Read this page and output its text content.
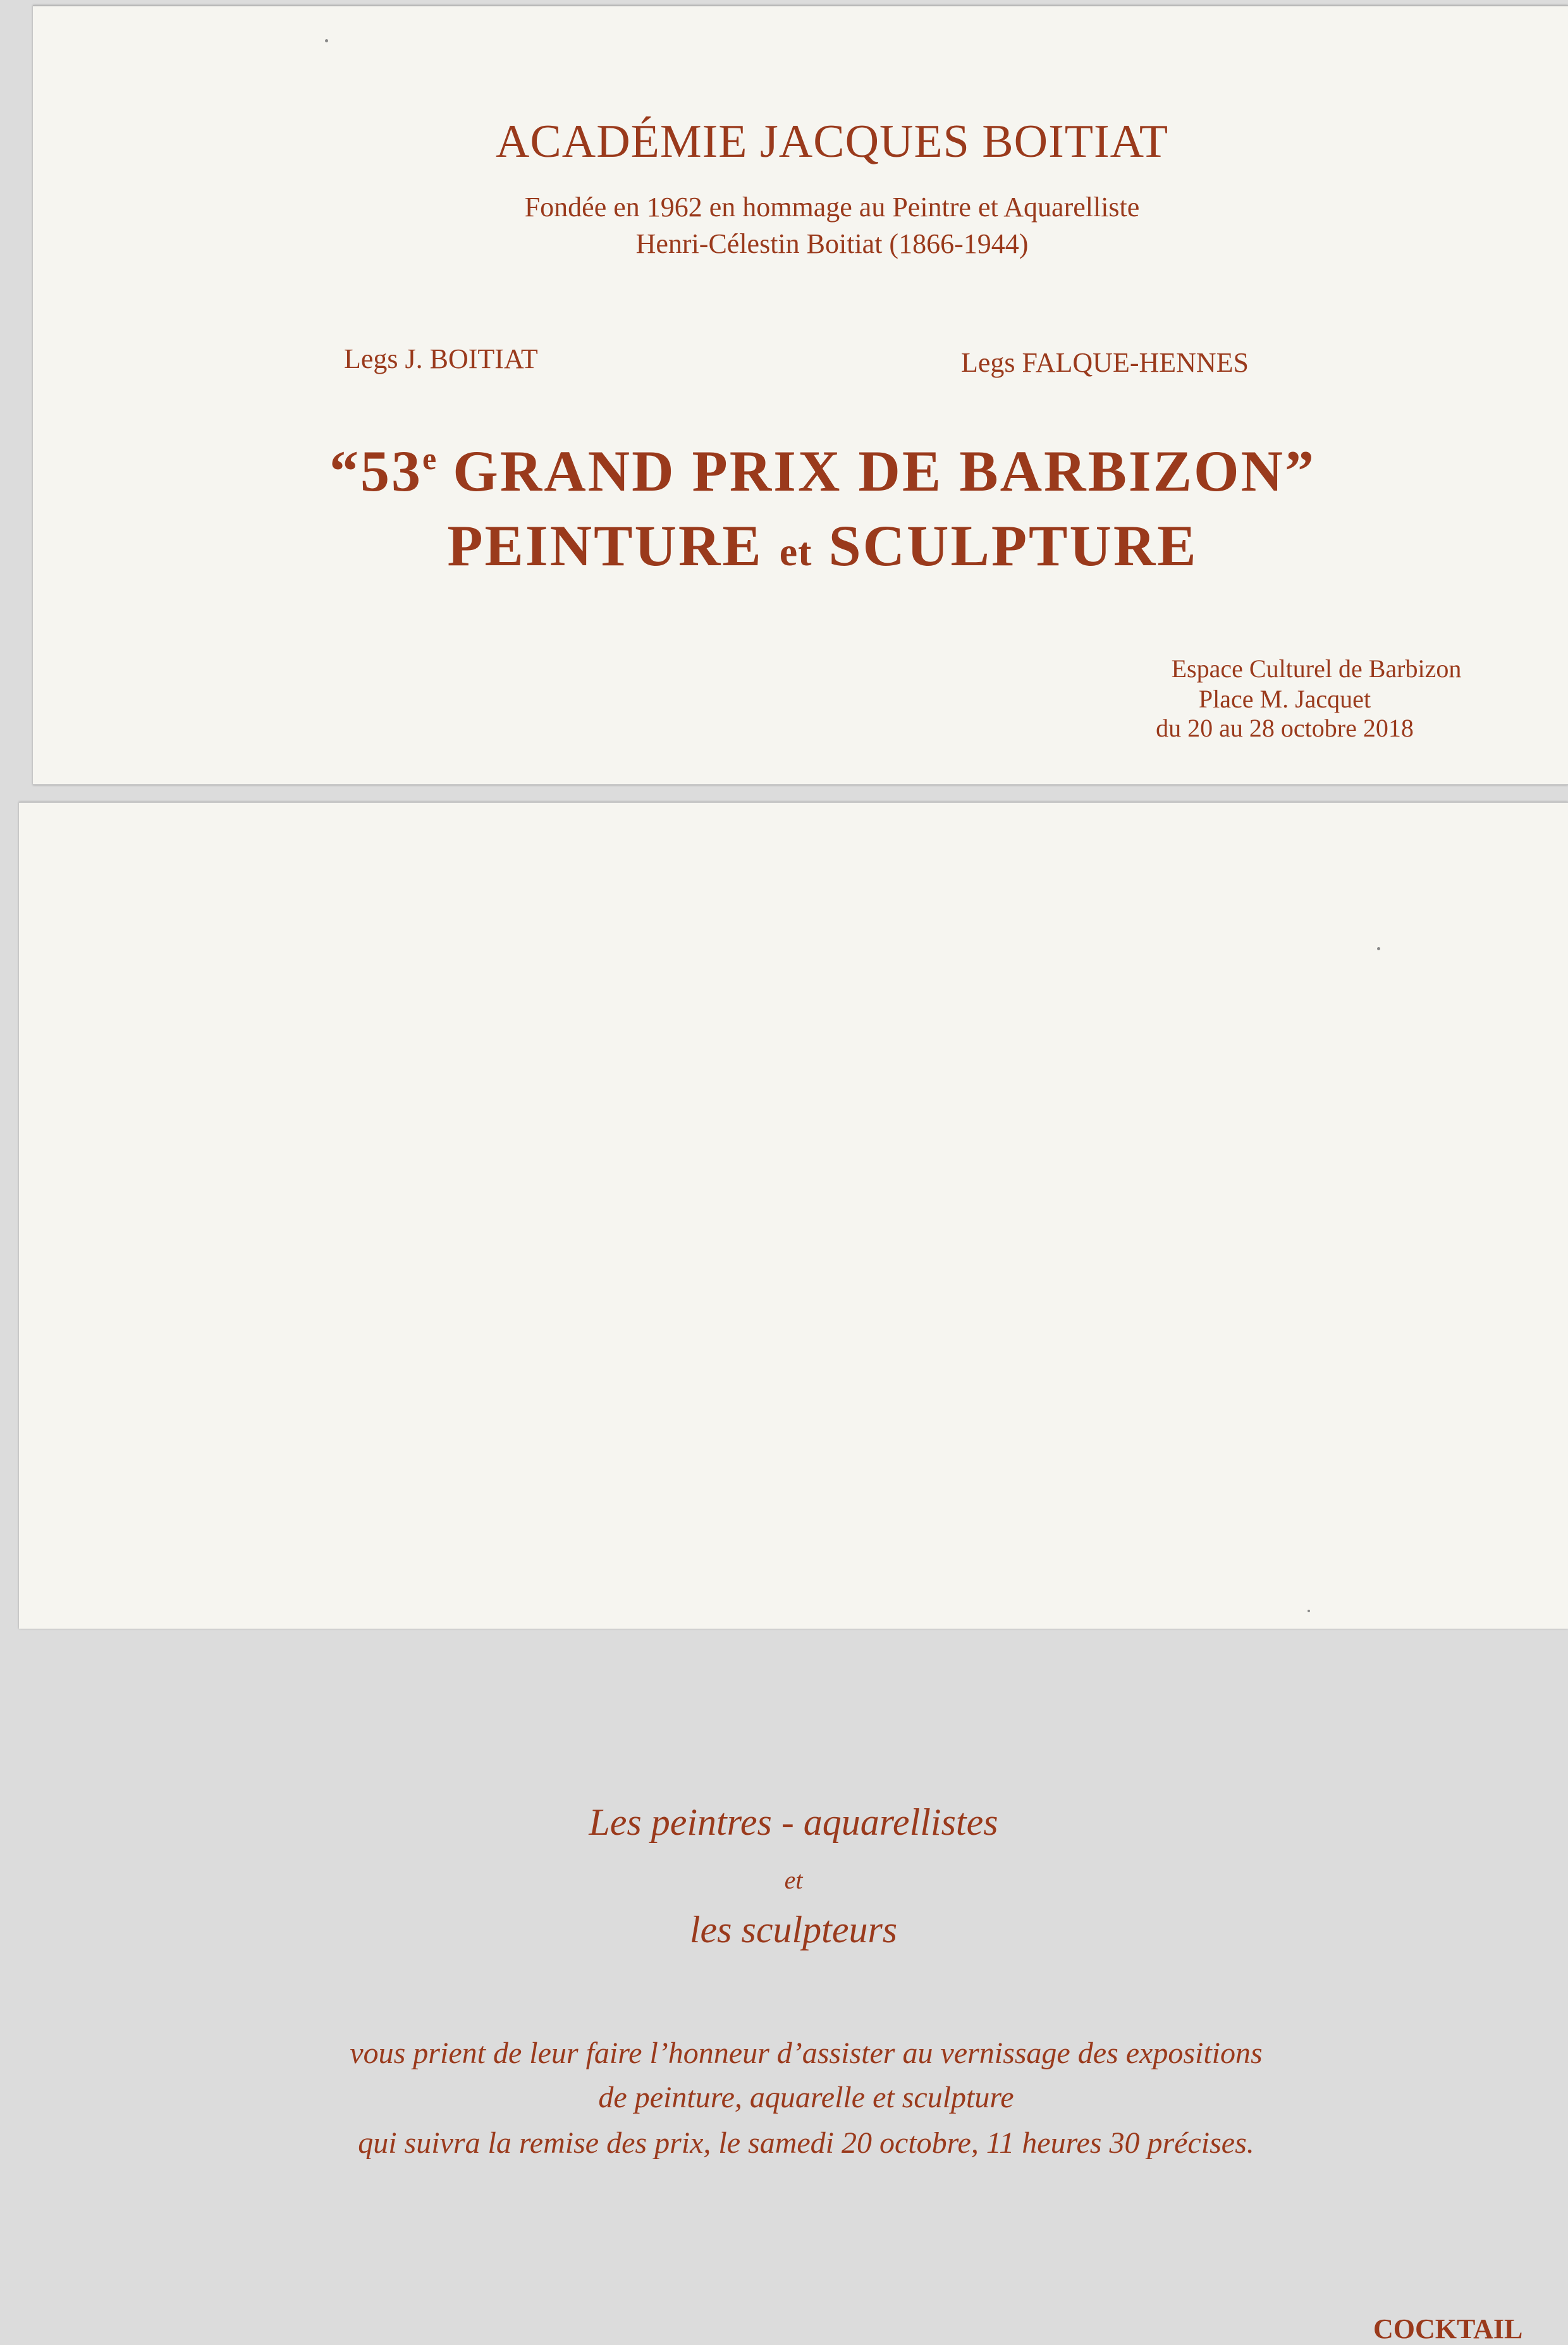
ACADÉMIE JACQUES BOITIAT

Fondée en 1962 en hommage au Peintre et Aquarelliste

Henri-Célestin Boitiat (1866-1944)

Legs J. BOITIAT	Legs FALQUE-HENNES

“53e GRAND PRIX DE BARBIZON”

PEINTURE et SCULPTURE

Espace Culturel de Barbizon

Place M. Jacquet

du 20 au 28 octobre 2018

Les peintres - aquarellistes

et

les sculpteurs

vous prient de leur faire l’honneur d’assister au vernissage des expositions

de peinture, aquarelle et sculpture

qui suivra la remise des prix, le samedi 20 octobre, 11 heures 30 précises.

COCKTAIL
